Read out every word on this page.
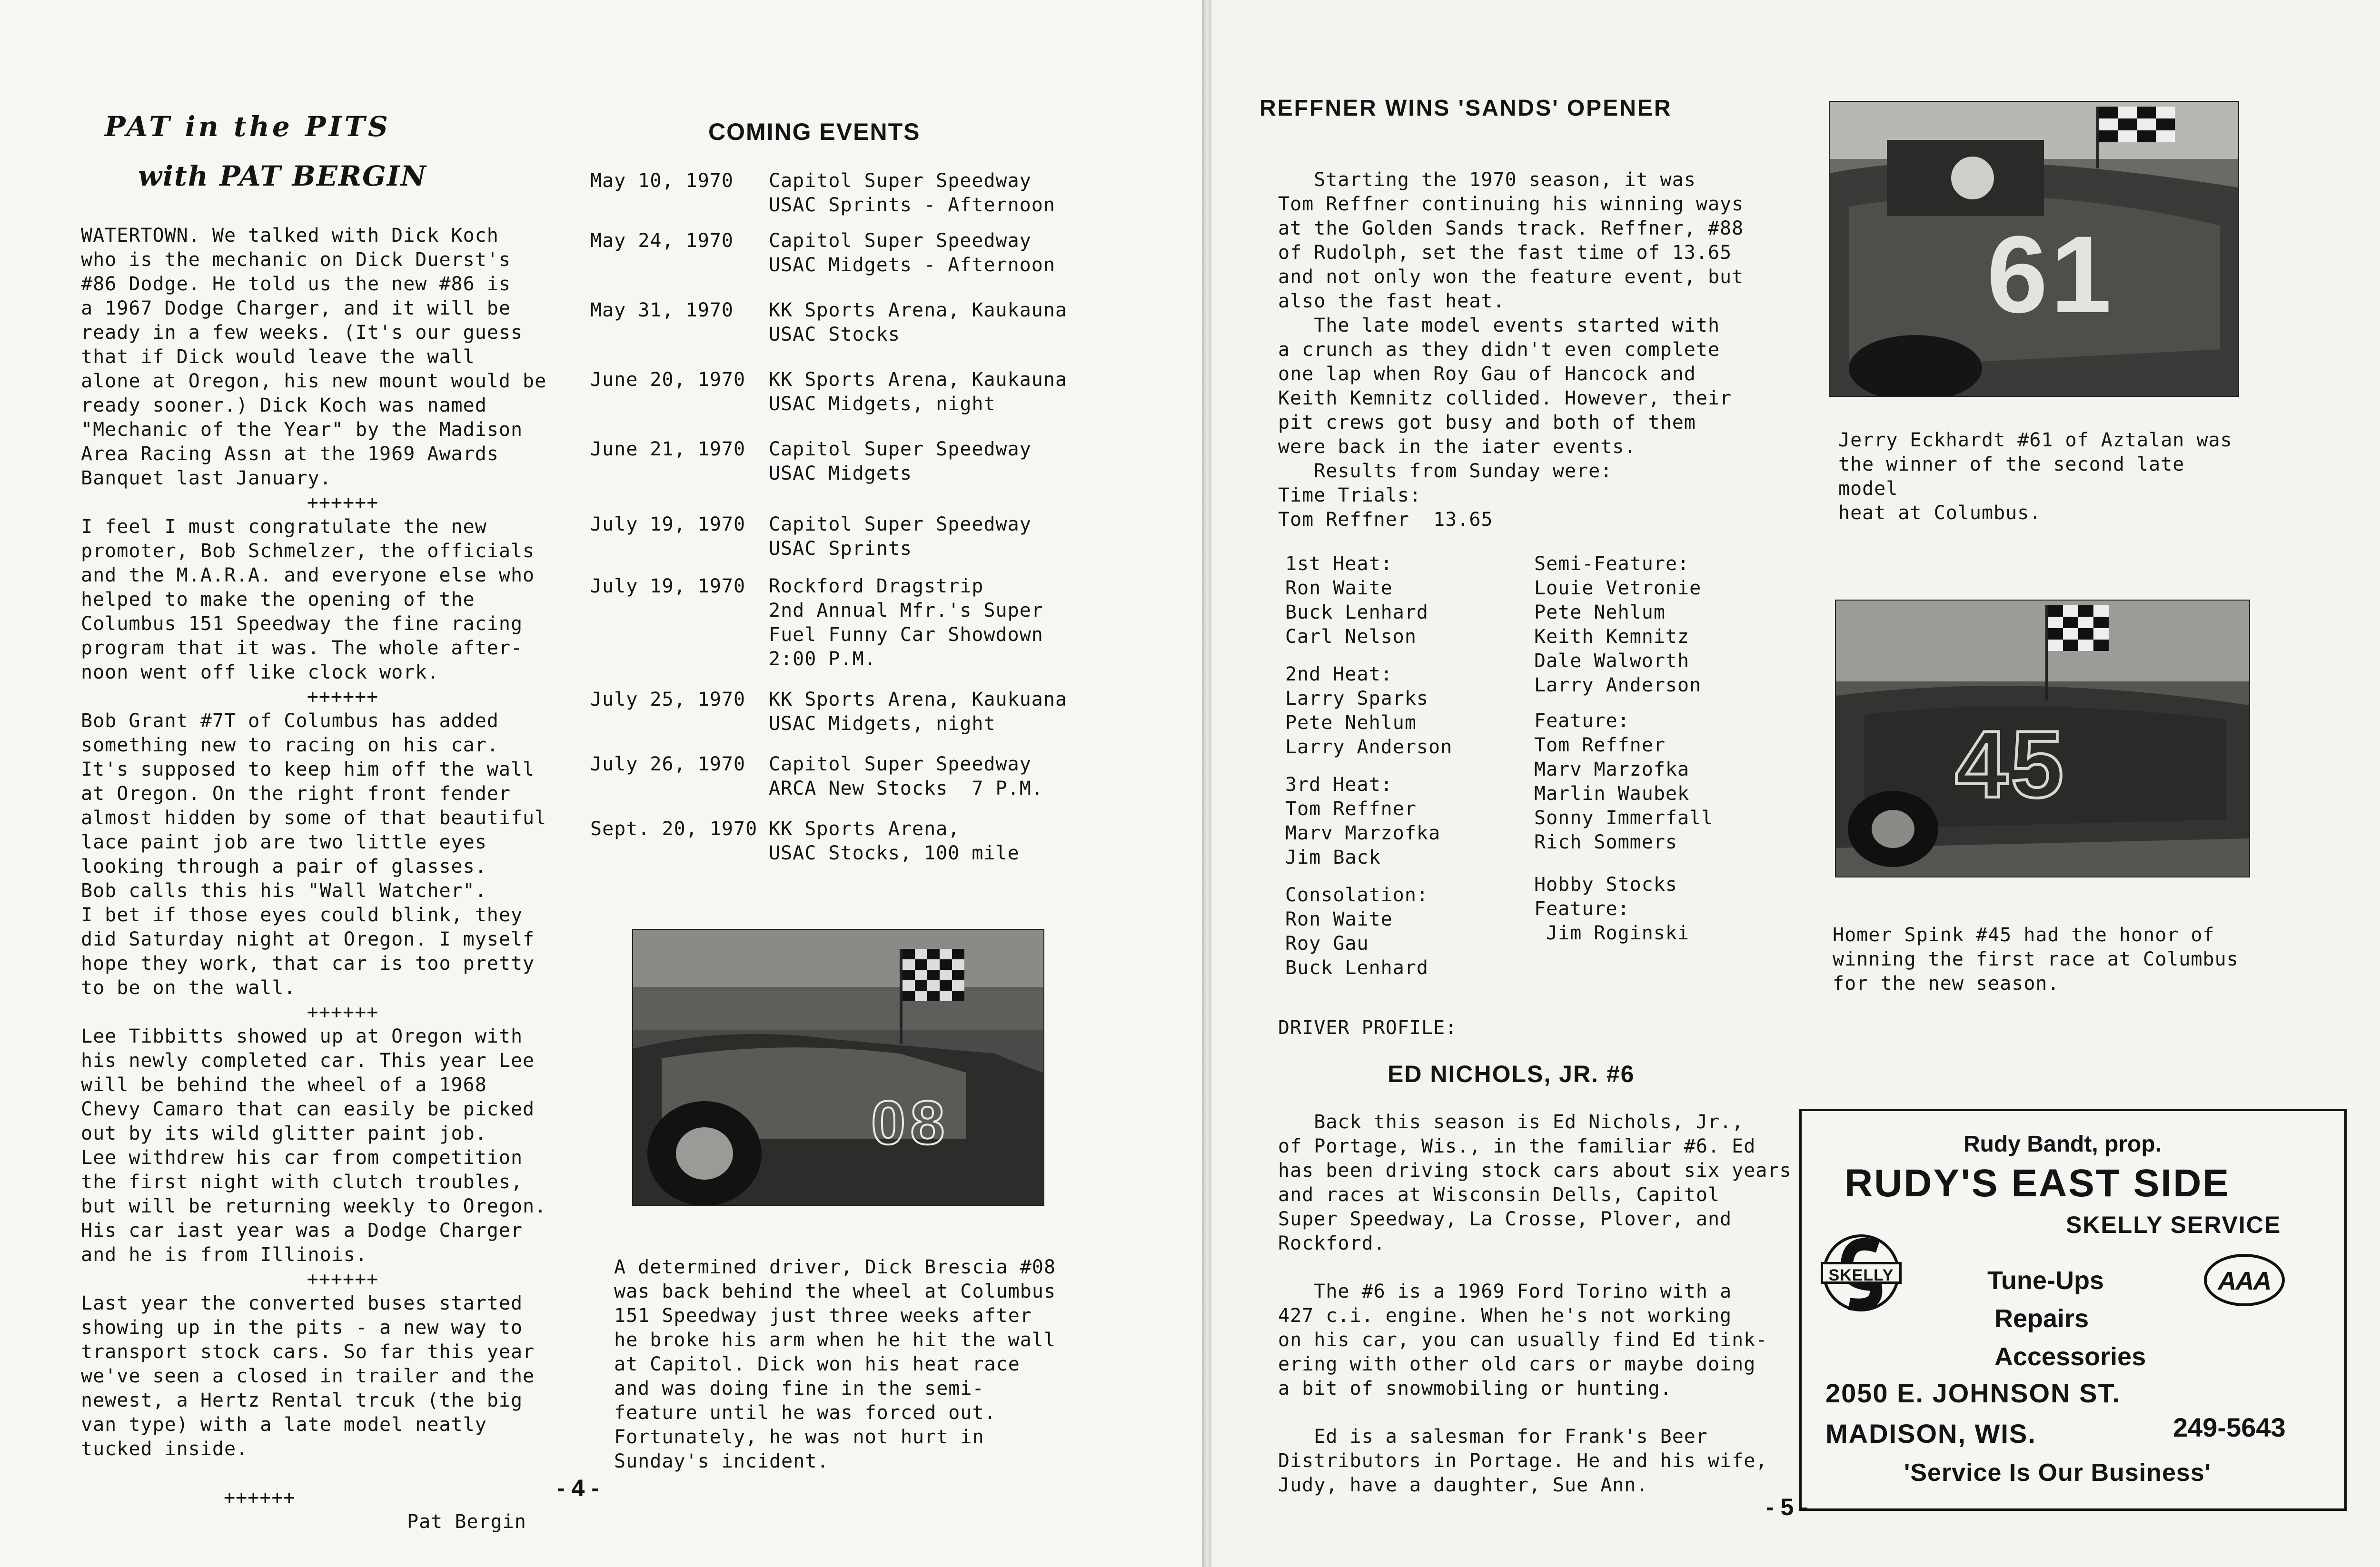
PAT in the PITS
with PAT BERGIN
WATERTOWN. We talked with Dick Koch
who is the mechanic on Dick Duerst's
#86 Dodge. He told us the new #86 is
a 1967 Dodge Charger, and it will be
ready in a few weeks. (It's our guess
that if Dick would leave the wall
alone at Oregon, his new mount would be
ready sooner.) Dick Koch was named
"Mechanic of the Year" by the Madison
Area Racing Assn at the 1969 Awards
Banquet last January.
++++++
I feel I must congratulate the new
promoter, Bob Schmelzer, the officials
and the M.A.R.A. and everyone else who
helped to make the opening of the
Columbus 151 Speedway the fine racing
program that it was. The whole after-
noon went off like clock work.
++++++
Bob Grant #7T of Columbus has added
something new to racing on his car.
It's supposed to keep him off the wall
at Oregon. On the right front fender
almost hidden by some of that beautiful
lace paint job are two little eyes
looking through a pair of glasses.
Bob calls this his "Wall Watcher".
I bet if those eyes could blink, they
did Saturday night at Oregon. I myself
hope they work, that car is too pretty
to be on the wall.
++++++
Lee Tibbitts showed up at Oregon with
his newly completed car. This year Lee
will be behind the wheel of a 1968
Chevy Camaro that can easily be picked
out by its wild glitter paint job.
Lee withdrew his car from competition
the first night with clutch troubles,
but will be returning weekly to Oregon.
His car iast year was a Dodge Charger
and he is from Illinois.
++++++
Last year the converted buses started
showing up in the pits - a new way to
transport stock cars. So far this year
we've seen a closed in trailer and the
newest, a Hertz Rental trcuk (the big
van type) with a late model neatly
tucked inside.

++++++

Pat Bergin

COMING EVENTS
May 10, 1970	Capitol Super Speedway
USAC Sprints - Afternoon
May 24, 1970	Capitol Super Speedway
USAC Midgets - Afternoon
May 31, 1970	KK Sports Arena, Kaukauna
USAC Stocks
June 20, 1970	KK Sports Arena, Kaukauna
USAC Midgets, night
June 21, 1970	Capitol Super Speedway
USAC Midgets
July 19, 1970	Capitol Super Speedway
USAC Sprints
July 19, 1970	Rockford Dragstrip
2nd Annual Mfr.'s Super
Fuel Funny Car Showdown
2:00 P.M.
July 25, 1970	KK Sports Arena, Kaukuana
USAC Midgets, night
July 26, 1970	Capitol Super Speedway
ARCA New Stocks  7 P.M.
Sept. 20, 1970 KK Sports Arena,
USAC Stocks, 100 mile
08
A determined driver, Dick Brescia #08
was back behind the wheel at Columbus
151 Speedway just three weeks after
he broke his arm when he hit the wall
at Capitol. Dick won his heat race
and was doing fine in the semi-
feature until he was forced out.
Fortunately, he was not hurt in
Sunday's incident.
- 4 -
REFFNER WINS 'SANDS' OPENER
Starting the 1970 season, it was
Tom Reffner continuing his winning ways
at the Golden Sands track. Reffner, #88
of Rudolph, set the fast time of 13.65
and not only won the feature event, but
also the fast heat.
The late model events started with
a crunch as they didn't even complete
one lap when Roy Gau of Hancock and
Keith Kemnitz collided. However, their
pit crews got busy and both of them
were back in the iater events.
Results from Sunday were:
Time Trials:
Tom Reffner  13.65
1st Heat:
Ron Waite
Buck Lenhard
Carl Nelson
2nd Heat:
Larry Sparks
Pete Nehlum
Larry Anderson
3rd Heat:
Tom Reffner
Marv Marzofka
Jim Back
Consolation:
Ron Waite
Roy Gau
Buck Lenhard
Semi-Feature:
Louie Vetronie
Pete Nehlum
Keith Kemnitz
Dale Walworth
Larry Anderson
Feature:
Tom Reffner
Marv Marzofka
Marlin Waubek
Sonny Immerfall
Rich Sommers
Hobby Stocks
Feature:
Jim Roginski
DRIVER PROFILE:
ED NICHOLS, JR. #6
Back this season is Ed Nichols, Jr.,
of Portage, Wis., in the familiar #6. Ed
has been driving stock cars about six years
and races at Wisconsin Dells, Capitol
Super Speedway, La Crosse, Plover, and
Rockford.
The #6 is a 1969 Ford Torino with a
427 c.i. engine. When he's not working
on his car, you can usually find Ed tink-
ering with other old cars or maybe doing
a bit of snowmobiling or hunting.
Ed is a salesman for Frank's Beer
Distributors in Portage. He and his wife,
Judy, have a daughter, Sue Ann.
61
Jerry Eckhardt #61 of Aztalan was
the winner of the second late model
heat at Columbus.
45
Homer Spink #45 had the honor of
winning the first race at Columbus
for the new season.
Rudy Bandt, prop.
RUDY'S EAST SIDE
SKELLY SERVICE
SKELLY	AAA
Tune-Ups
Repairs
Accessories
2050 E. JOHNSON ST.
MADISON, WIS.	249-5643
'Service Is Our Business'
- 5 -
